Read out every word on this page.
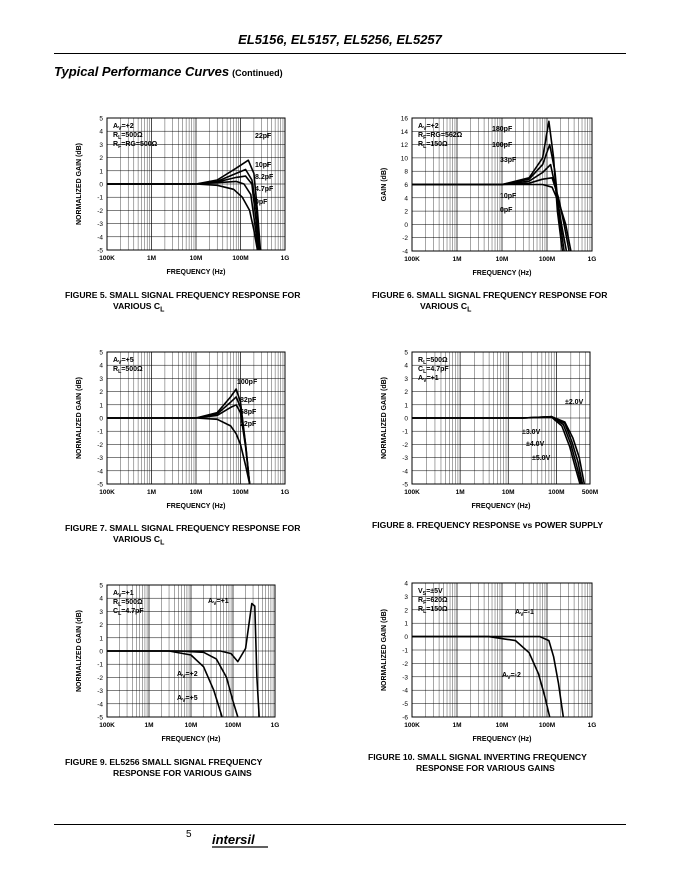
EL5156, EL5157, EL5256, EL5257
Typical Performance Curves (Continued)
5
4
3
2
1
0
-1
-2
-3
-4
-5
100K	1M	10M	100M	1G
FREQUENCY (Hz)
NORMALIZED GAIN (dB)
$A_V=+2$
$R_L=500\Omega$
$R_F=RG=500\Omega$
22pF
10pF
8.2pF
4.7pF
0pF
16
14
12
10
8
6
4
2
0
-2
-4
100K	1M	10M	100M	1G
FREQUENCY (Hz)
GAIN (dB)
$A_V=+2$
$R_F=RG=562\Omega$
$R_L=150\Omega$
180pF
100pF
33pF
10pF
0pF
5
4
3
2
1
0
-1
-2
-3
-4
-5
100K	1M	10M	100M	1G
FREQUENCY (Hz)
NORMALIZED GAIN (dB)
$A_V=+5$
$R_L=500\Omega$
100pF
82pF
68pF
22pF
5
4
3
2
1
0
-1
-2
-3
-4
-5
100K	1M	10M	100M	500M
FREQUENCY (Hz)
NORMALIZED GAIN (dB)
$R_L=500\Omega$
$C_L=4.7pF$
$A_V=+1$
±2.0V
±3.0V
±4.0V
±5.0V
5
4
3
2
1
0
-1
-2
-3
-4
-5
100K	1M	10M	100M	1G
FREQUENCY (Hz)
NORMALIZED GAIN (dB)
$A_V=+1$
$R_L=500\Omega$
$C_L=4.7pF$
$A_V=+1$
$A_V=+2$
$A_V=+5$
4
3
2
1
0
-1
-2
-3
-4
-5
-6
100K	1M	10M	100M	1G
FREQUENCY (Hz)
NORMALIZED GAIN (dB)
$V_S=\pm 5V$
$R_F=620\Omega$
$R_L=150\Omega$	$A_V=-1$
$A_V=-2$
FIGURE 5. SMALL SIGNAL FREQUENCY RESPONSE FOR
VARIOUS $C_L$
FIGURE 6. SMALL SIGNAL FREQUENCY RESPONSE FOR
VARIOUS $C_L$
FIGURE 7. SMALL SIGNAL FREQUENCY RESPONSE FOR
VARIOUS $C_L$
FIGURE 8. FREQUENCY RESPONSE vs POWER SUPPLY
FIGURE 9. EL5256 SMALL SIGNAL FREQUENCY
RESPONSE FOR VARIOUS GAINS
FIGURE 10. SMALL SIGNAL INVERTING FREQUENCY
RESPONSE FOR VARIOUS GAINS
5 intersil
